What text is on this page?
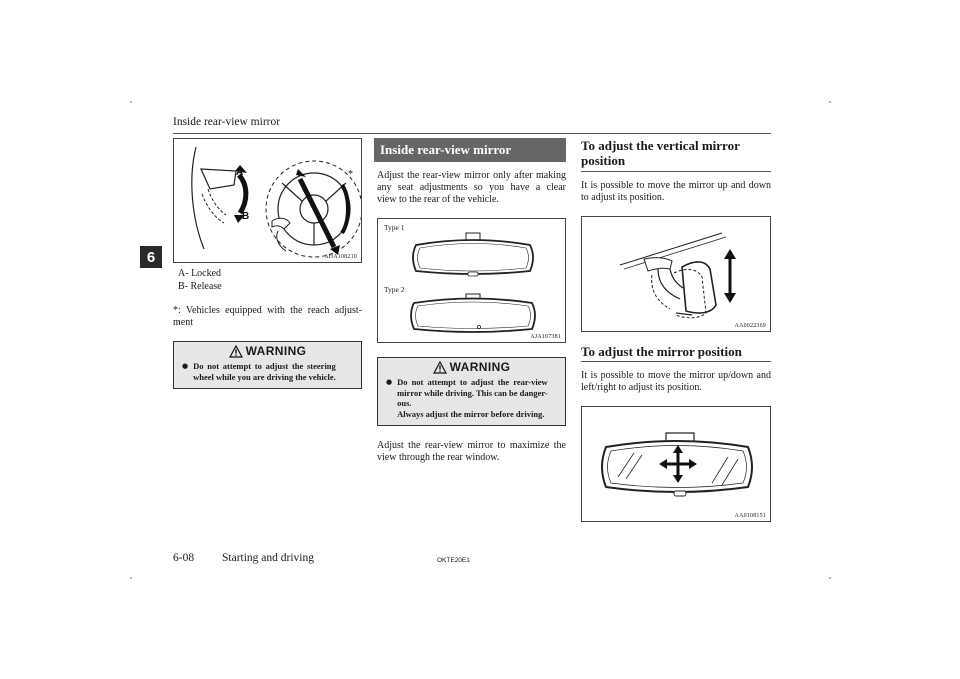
Inside rear-view mirror
6
A
B
*
AHA108210
A- Locked
B- Release
*: Vehicles equipped with the reach adjust-
ment
WARNING
● Do not attempt to adjust the steering
wheel while you are driving the vehicle.
Inside rear-view mirror
Adjust the rear-view mirror only after making
any seat adjustments so you have a clear
view to the rear of the vehicle.
Type 1
Type 2
AJA107381
WARNING
● Do not attempt to adjust the rear-view
mirror while driving. This can be danger-
ous.
Always adjust the mirror before driving.
Adjust the rear-view mirror to maximize the
view through the rear window.
To adjust the vertical mirror
position
It is possible to move the mirror up and down
to adjust its position.
AA0022369
To adjust the mirror position
It is possible to move the mirror up/down and
left/right to adjust its position.
AA0108151
6-08 Starting and driving	OKTE20E1
